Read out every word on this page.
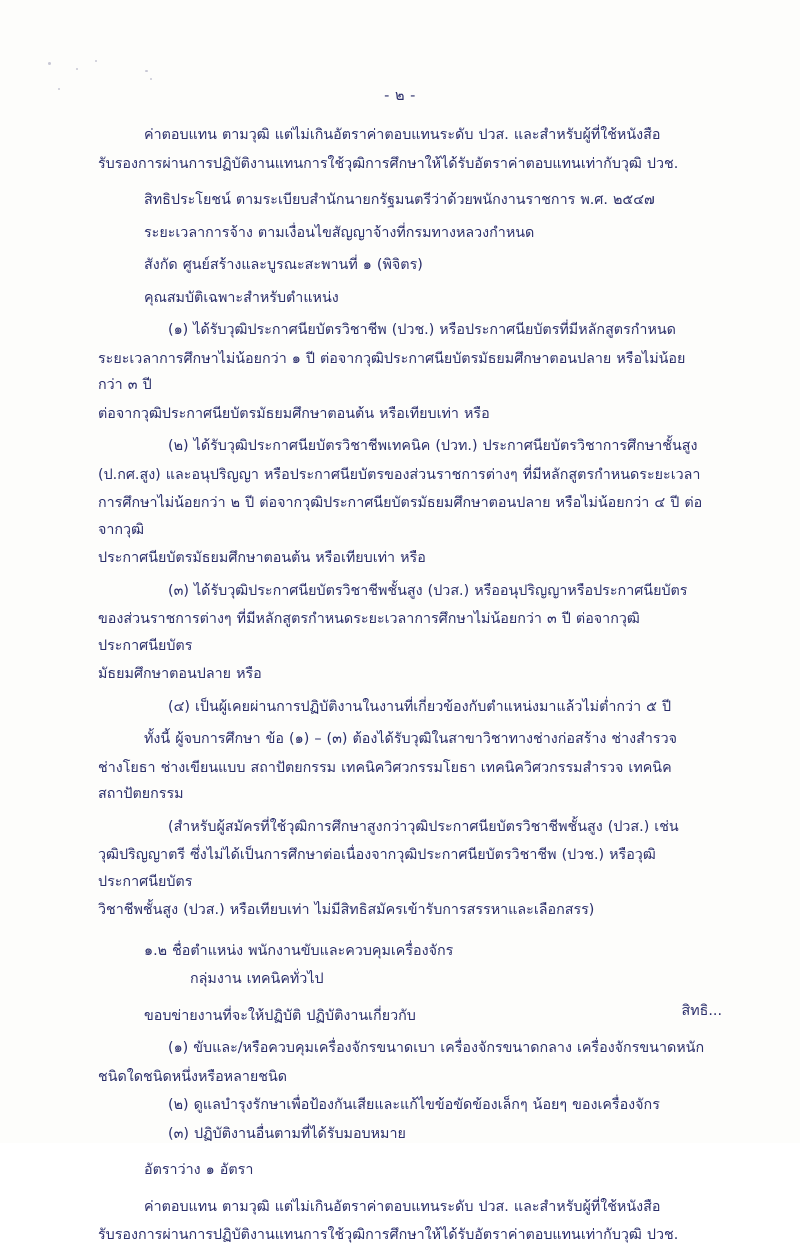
- ๒ -

ค่าตอบแทน ตามวุฒิ แต่ไม่เกินอัตราค่าตอบแทนระดับ ปวส. และสำหรับผู้ที่ใช้หนังสือ

รับรองการผ่านการปฏิบัติงานแทนการใช้วุฒิการศึกษาให้ได้รับอัตราค่าตอบแทนเท่ากับวุฒิ ปวช.

สิทธิประโยชน์ ตามระเบียบสำนักนายกรัฐมนตรีว่าด้วยพนักงานราชการ พ.ศ. ๒๕๔๗

ระยะเวลาการจ้าง ตามเงื่อนไขสัญญาจ้างที่กรมทางหลวงกำหนด

สังกัด ศูนย์สร้างและบูรณะสะพานที่ ๑ (พิจิตร)

คุณสมบัติเฉพาะสำหรับตำแหน่ง

(๑) ได้รับวุฒิประกาศนียบัตรวิชาชีพ (ปวช.) หรือประกาศนียบัตรที่มีหลักสูตรกำหนด

ระยะเวลาการศึกษาไม่น้อยกว่า ๑ ปี ต่อจากวุฒิประกาศนียบัตรมัธยมศึกษาตอนปลาย หรือไม่น้อยกว่า ๓ ปี

ต่อจากวุฒิประกาศนียบัตรมัธยมศึกษาตอนต้น หรือเทียบเท่า หรือ

(๒) ได้รับวุฒิประกาศนียบัตรวิชาชีพเทคนิค (ปวท.) ประกาศนียบัตรวิชาการศึกษาชั้นสูง

(ป.กศ.สูง) และอนุปริญญา หรือประกาศนียบัตรของส่วนราชการต่างๆ ที่มีหลักสูตรกำหนดระยะเวลา

การศึกษาไม่น้อยกว่า ๒ ปี ต่อจากวุฒิประกาศนียบัตรมัธยมศึกษาตอนปลาย หรือไม่น้อยกว่า ๔ ปี ต่อจากวุฒิ

ประกาศนียบัตรมัธยมศึกษาตอนต้น หรือเทียบเท่า หรือ

(๓) ได้รับวุฒิประกาศนียบัตรวิชาชีพชั้นสูง (ปวส.) หรืออนุปริญญาหรือประกาศนียบัตร

ของส่วนราชการต่างๆ ที่มีหลักสูตรกำหนดระยะเวลาการศึกษาไม่น้อยกว่า ๓ ปี ต่อจากวุฒิประกาศนียบัตร

มัธยมศึกษาตอนปลาย หรือ

(๔) เป็นผู้เคยผ่านการปฏิบัติงานในงานที่เกี่ยวข้องกับตำแหน่งมาแล้วไม่ต่ำกว่า ๕ ปี

ทั้งนี้ ผู้จบการศึกษา ข้อ (๑) – (๓) ต้องได้รับวุฒิในสาขาวิชาทางช่างก่อสร้าง ช่างสำรวจ

ช่างโยธา ช่างเขียนแบบ สถาปัตยกรรม เทคนิควิศวกรรมโยธา เทคนิควิศวกรรมสำรวจ เทคนิคสถาปัตยกรรม

(สำหรับผู้สมัครที่ใช้วุฒิการศึกษาสูงกว่าวุฒิประกาศนียบัตรวิชาชีพชั้นสูง (ปวส.) เช่น

วุฒิปริญญาตรี ซึ่งไม่ได้เป็นการศึกษาต่อเนื่องจากวุฒิประกาศนียบัตรวิชาชีพ (ปวช.) หรือวุฒิประกาศนียบัตร

วิชาชีพชั้นสูง (ปวส.) หรือเทียบเท่า ไม่มีสิทธิสมัครเข้ารับการสรรหาและเลือกสรร)

๑.๒ ชื่อตำแหน่ง พนักงานขับและควบคุมเครื่องจักร

กลุ่มงาน เทคนิคทั่วไป

ขอบข่ายงานที่จะให้ปฏิบัติ ปฏิบัติงานเกี่ยวกับ

(๑) ขับและ/หรือควบคุมเครื่องจักรขนาดเบา เครื่องจักรขนาดกลาง เครื่องจักรขนาดหนัก

ชนิดใดชนิดหนึ่งหรือหลายชนิด

(๒) ดูแลบำรุงรักษาเพื่อป้องกันเสียและแก้ไขข้อขัดข้องเล็กๆ น้อยๆ ของเครื่องจักร

(๓) ปฏิบัติงานอื่นตามที่ได้รับมอบหมาย

อัตราว่าง ๑ อัตรา

ค่าตอบแทน ตามวุฒิ แต่ไม่เกินอัตราค่าตอบแทนระดับ ปวส. และสำหรับผู้ที่ใช้หนังสือ

รับรองการผ่านการปฏิบัติงานแทนการใช้วุฒิการศึกษาให้ได้รับอัตราค่าตอบแทนเท่ากับวุฒิ ปวช.

สิทธิ...
